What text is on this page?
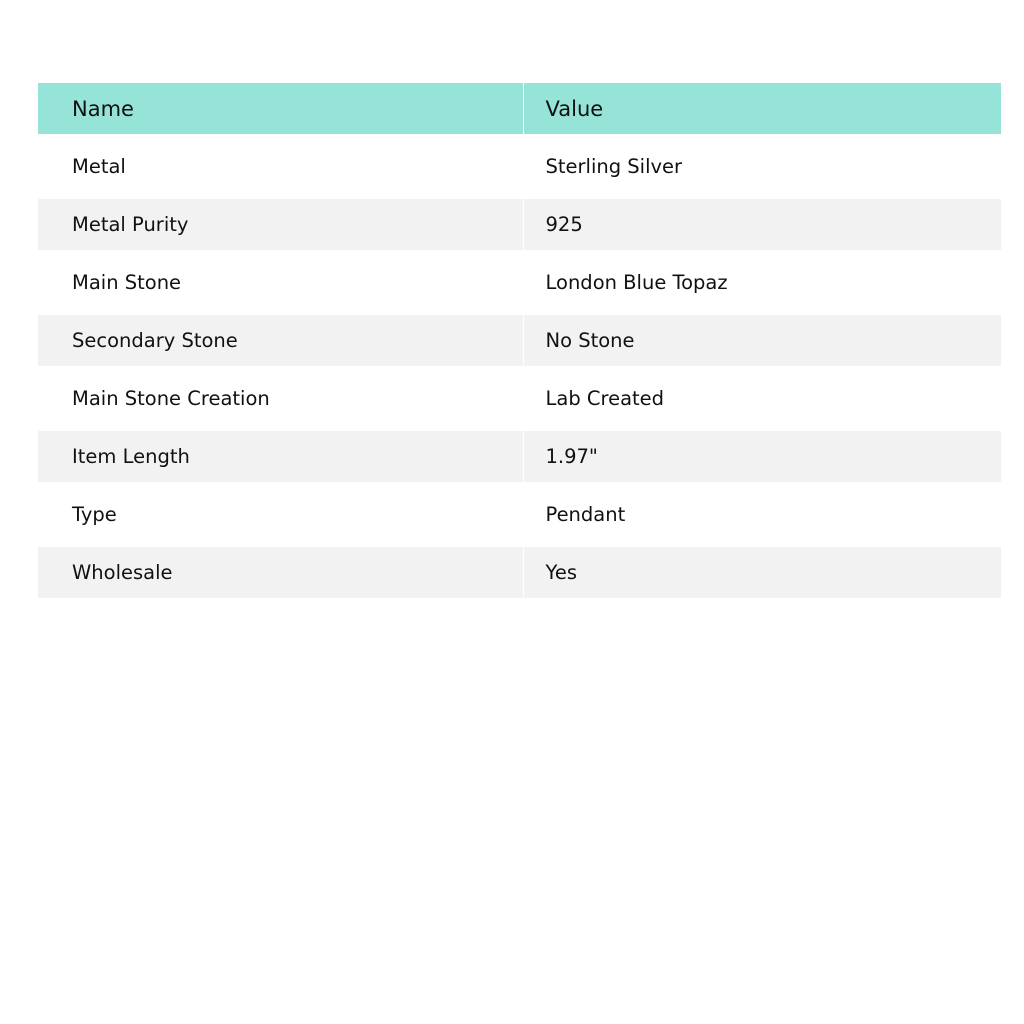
Name	Value
Metal	Sterling Silver
Metal Purity	925
Main Stone	London Blue Topaz
Secondary Stone	No Stone
Main Stone Creation	Lab Created
Item Length	1.97"
Type	Pendant
Wholesale	Yes
